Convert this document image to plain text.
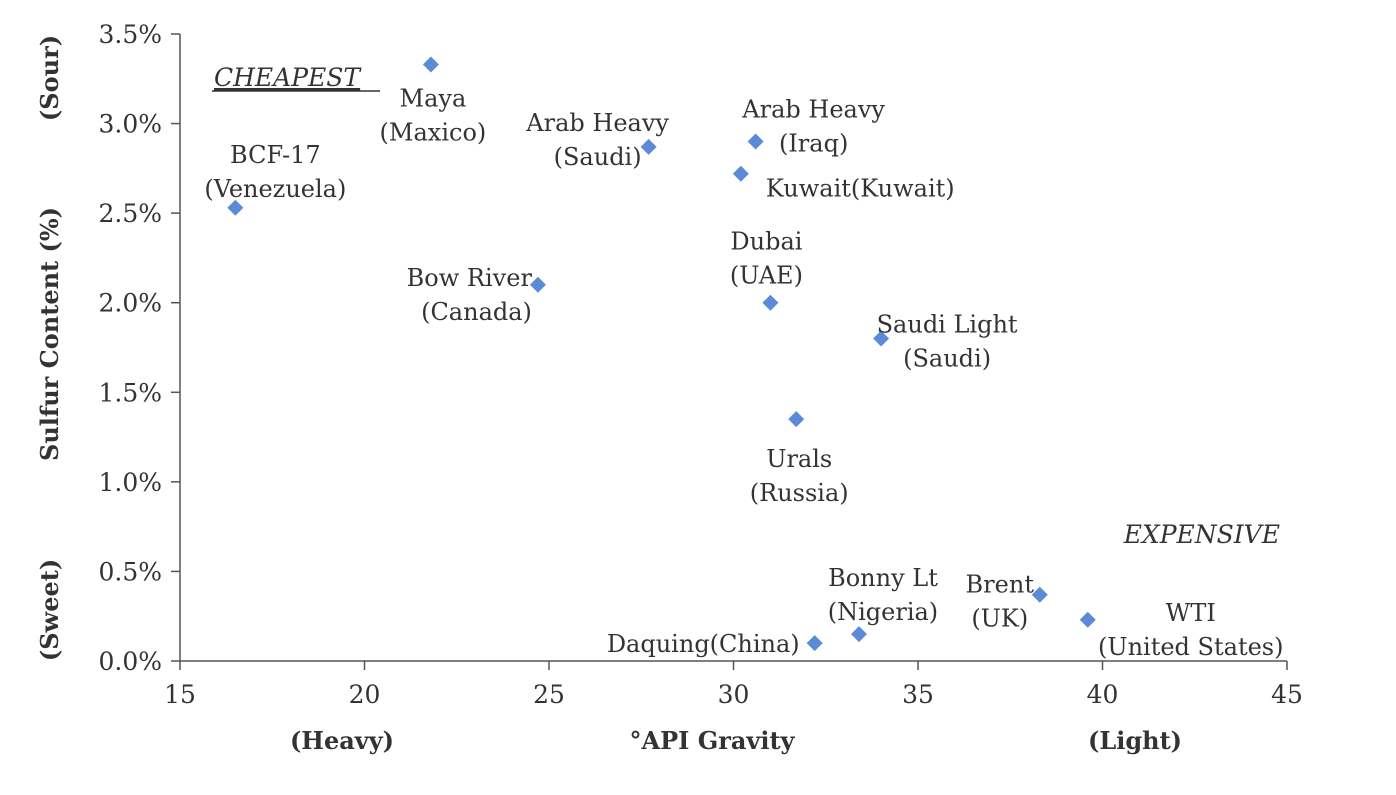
0.0%
0.5%
1.0%
1.5%
2.0%
2.5%
3.0%
3.5%
15	20	25	30	35	40	45
°API Gravity
(Heavy)	(Light)
Sulfur Content (%)
(Sour)
(Sweet)
CHEAPEST
EXPENSIVE
BCF-17
(Venezuela)
Maya
(Maxico)
Bow River
(Canada)
Arab Heavy
(Saudi)
Arab Heavy
(Iraq)
Kuwait(Kuwait)
Dubai
(UAE)
Saudi Light
(Saudi)
Urals
(Russia)
Daquing(China)
Bonny Lt
(Nigeria)
Brent
(UK)	WTI
(United States)
